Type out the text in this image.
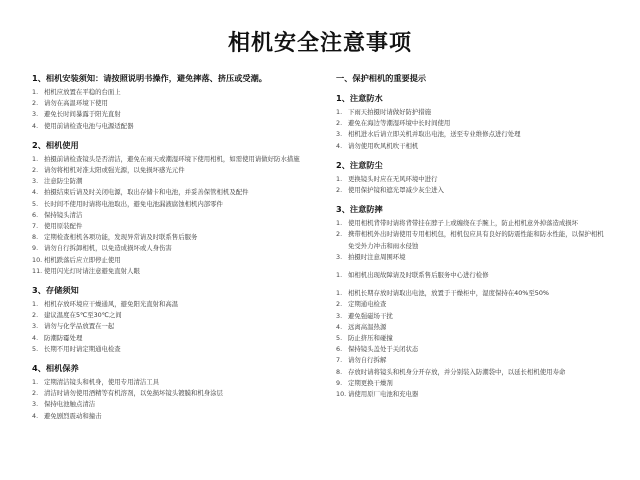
相机安全注意事项
1、相机安装须知：请按照说明书操作，避免摔落、挤压或受潮。
1. 相机应放置在平稳的台面上
2. 请勿在高温环境下使用
3. 避免长时间暴露于阳光直射
4. 使用前请检查电池与电源适配器
2、相机使用
1. 拍摄前请检查镜头是否清洁，避免在雨天或潮湿环境下使用相机，如需使用请做好防水措施
2. 请勿将相机对准太阳或强光源，以免损坏感光元件
3. 注意防尘防潮
4. 拍摄结束后请及时关闭电源，取出存储卡和电池，并妥善保管相机及配件
5. 长时间不使用时请将电池取出，避免电池漏液腐蚀相机内部零件
6. 保持镜头清洁
7. 使用原装配件
8. 定期检查相机各项功能，发现异常请及时联系售后服务
9. 请勿自行拆卸相机，以免造成损坏或人身伤害
10. 相机跌落后应立即停止使用
11. 使用闪光灯时请注意避免直射人眼
3、存储须知
1. 相机存放环境应干燥通风，避免阳光直射和高温
2. 建议温度在5℃至30℃之间
3. 请勿与化学品放置在一起
4. 防潮防霉处理
5. 长期不用时请定期通电检查
4、相机保养
1. 定期清洁镜头和机身，使用专用清洁工具
2. 清洁时请勿使用酒精等有机溶剂，以免损坏镜头镀膜和机身涂层
3. 保持电池触点清洁
4. 避免剧烈震动和撞击
一、保护相机的重要提示
1、注意防水
1. 下雨天拍摄时请做好防护措施
2. 避免在海边等潮湿环境中长时间使用
3. 相机进水后请立即关机并取出电池，送至专业维修点进行处理
4. 请勿使用吹风机吹干相机
2、注意防尘
1. 更换镜头时应在无风环境中进行
2. 使用保护镜和遮光罩减少灰尘进入
3、注意防摔
1. 使用相机背带时请将背带挂在脖子上或缠绕在手腕上，防止相机意外掉落造成损坏
2. 携带相机外出时请使用专用相机包，相机包应具有良好的防震性能和防水性能，以保护相机免受外力冲击和雨水侵蚀
3. 拍摄时注意周围环境
1. 如相机出现故障请及时联系售后服务中心进行检修
1. 相机长期存放时请取出电池，放置于干燥柜中，湿度保持在40%至50%
2. 定期通电检查
3. 避免强磁场干扰
4. 远离高温热源
5. 防止挤压和碰撞
6. 保持镜头盖处于关闭状态
7. 请勿自行拆解
8. 存放时请将镜头和机身分开存放，并分别装入防潮袋中，以延长相机使用寿命
9. 定期更换干燥剂
10. 请使用原厂电池和充电器
